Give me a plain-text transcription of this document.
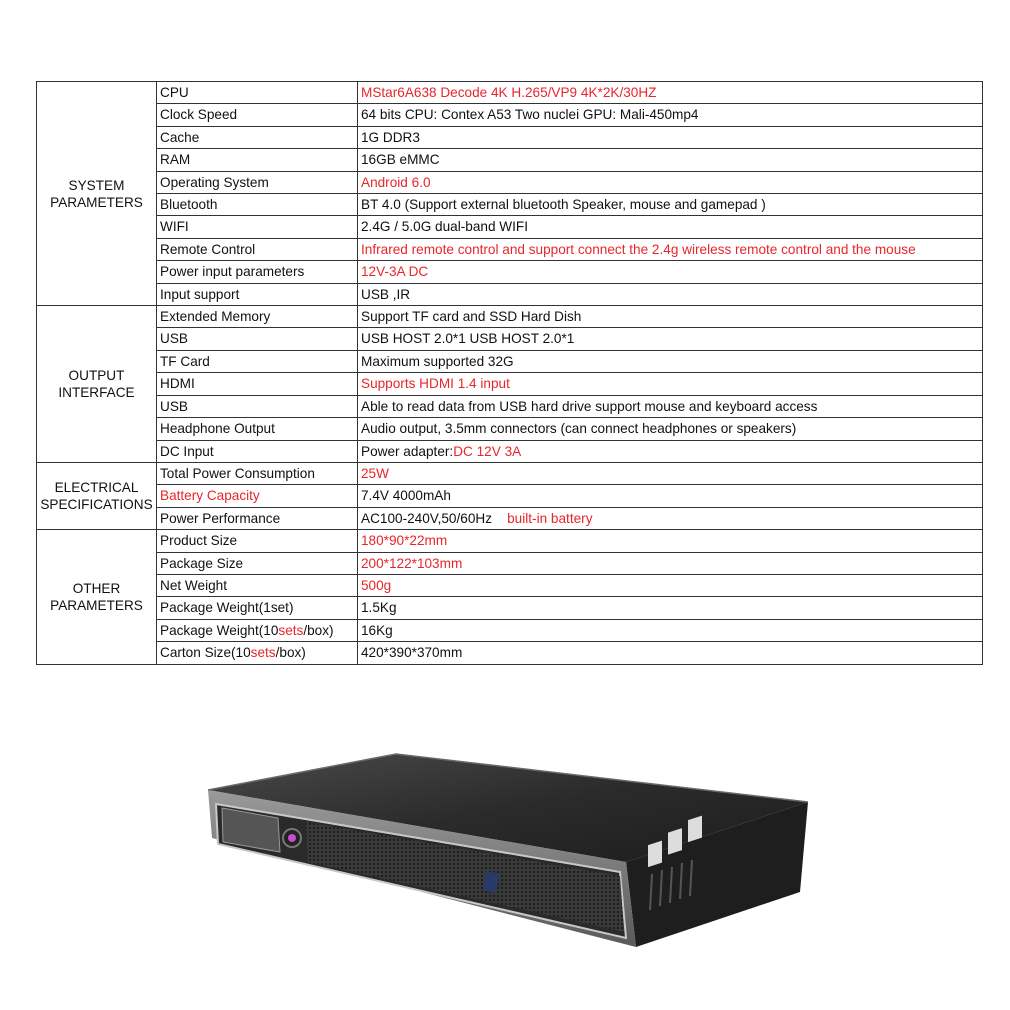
SYSTEM PARAMETERS	CPU	MStar6A638 Decode 4K H.265/VP9 4K*2K/30HZ
	Clock Speed	64 bits CPU: Contex A53 Two nuclei GPU: Mali-450mp4
	Cache	1G DDR3
	RAM	16GB eMMC
	Operating System	Android 6.0
	Bluetooth	BT 4.0 (Support external bluetooth Speaker, mouse and gamepad )
	WIFI	2.4G / 5.0G dual-band WIFI
	Remote Control	Infrared remote control and support connect the 2.4g wireless remote control and the mouse
	Power input parameters	12V-3A DC
	Input support	USB ,IR
OUTPUT INTERFACE	Extended Memory	Support TF card and SSD Hard Dish
	USB	USB HOST 2.0*1 USB HOST 2.0*1
	TF Card	Maximum supported 32G
	HDMI	Supports HDMI 1.4 input
	USB	Able to read data from USB hard drive support mouse and keyboard access
	Headphone Output	Audio output, 3.5mm connectors (can connect headphones or speakers)
	DC Input	Power adapter:DC 12V 3A
ELECTRICAL SPECIFICATIONS	Total Power Consumption	25W
	Battery Capacity	7.4V 4000mAh
	Power Performance	AC100-240V,50/60Hz built-in battery
OTHER PARAMETERS	Product Size	180*90*22mm
	Package Size	200*122*103mm
	Net Weight	500g
	Package Weight(1set)	1.5Kg
	Package Weight(10sets/box)	16Kg
	Carton Size(10sets/box)	420*390*370mm
